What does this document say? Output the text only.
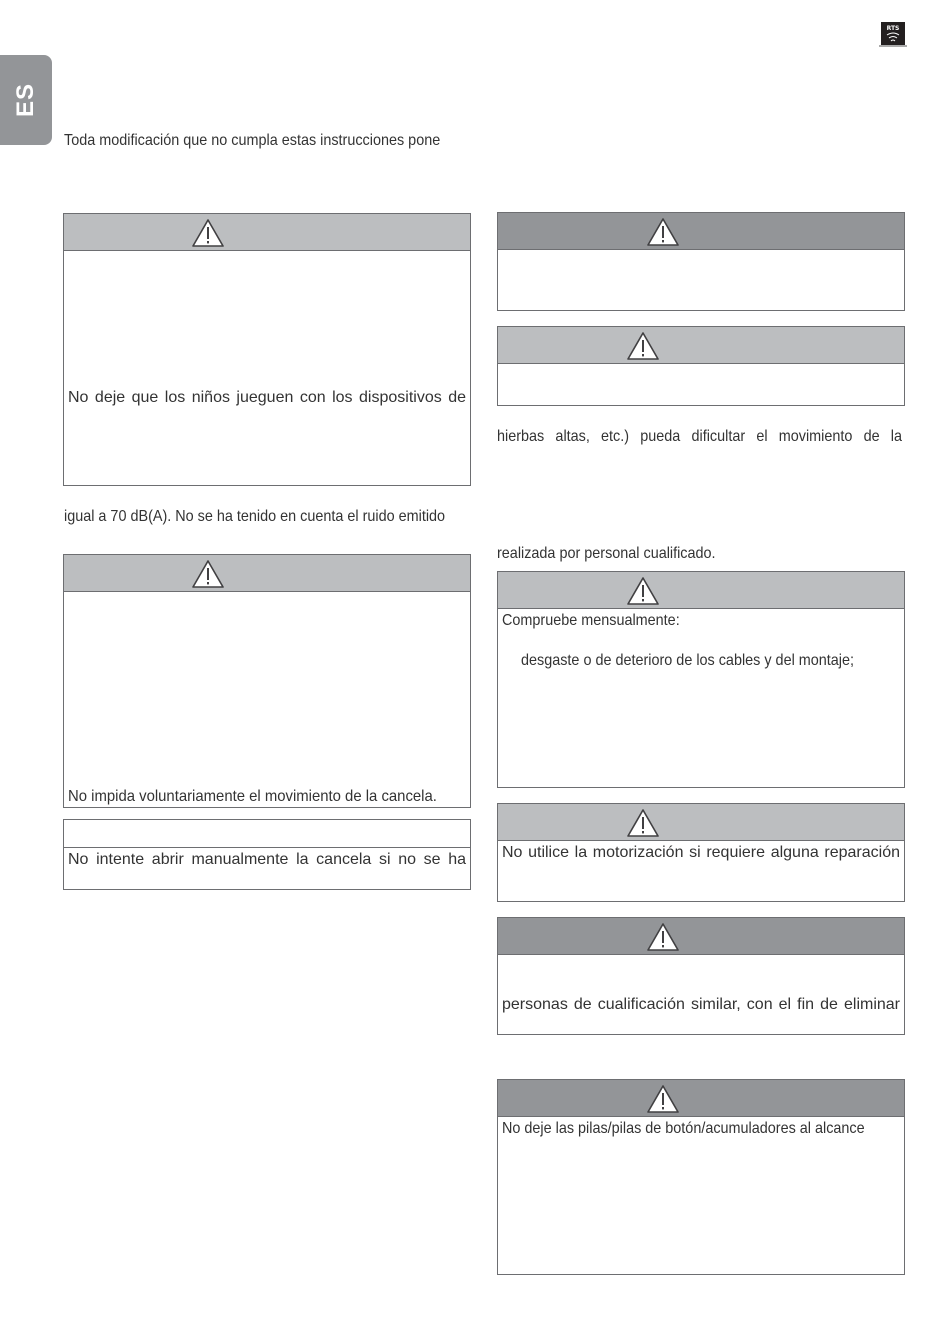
ES
RTS
Toda modificación que no cumpla estas instrucciones pone
No deje que los niños jueguen con los dispositivos de
igual a 70 dB(A). No se ha tenido en cuenta el ruido emitido
No impida voluntariamente el movimiento de la cancela.
No intente abrir manualmente la cancela si no se ha
hierbas altas, etc.) pueda dificultar el movimiento de la
realizada por personal cualificado.
Compruebe mensualmente:
desgaste o de deterioro de los cables y del montaje;
No utilice la motorización si requiere alguna reparación
personas de cualificación similar, con el fin de eliminar
No deje las pilas/pilas de botón/acumuladores al alcance
